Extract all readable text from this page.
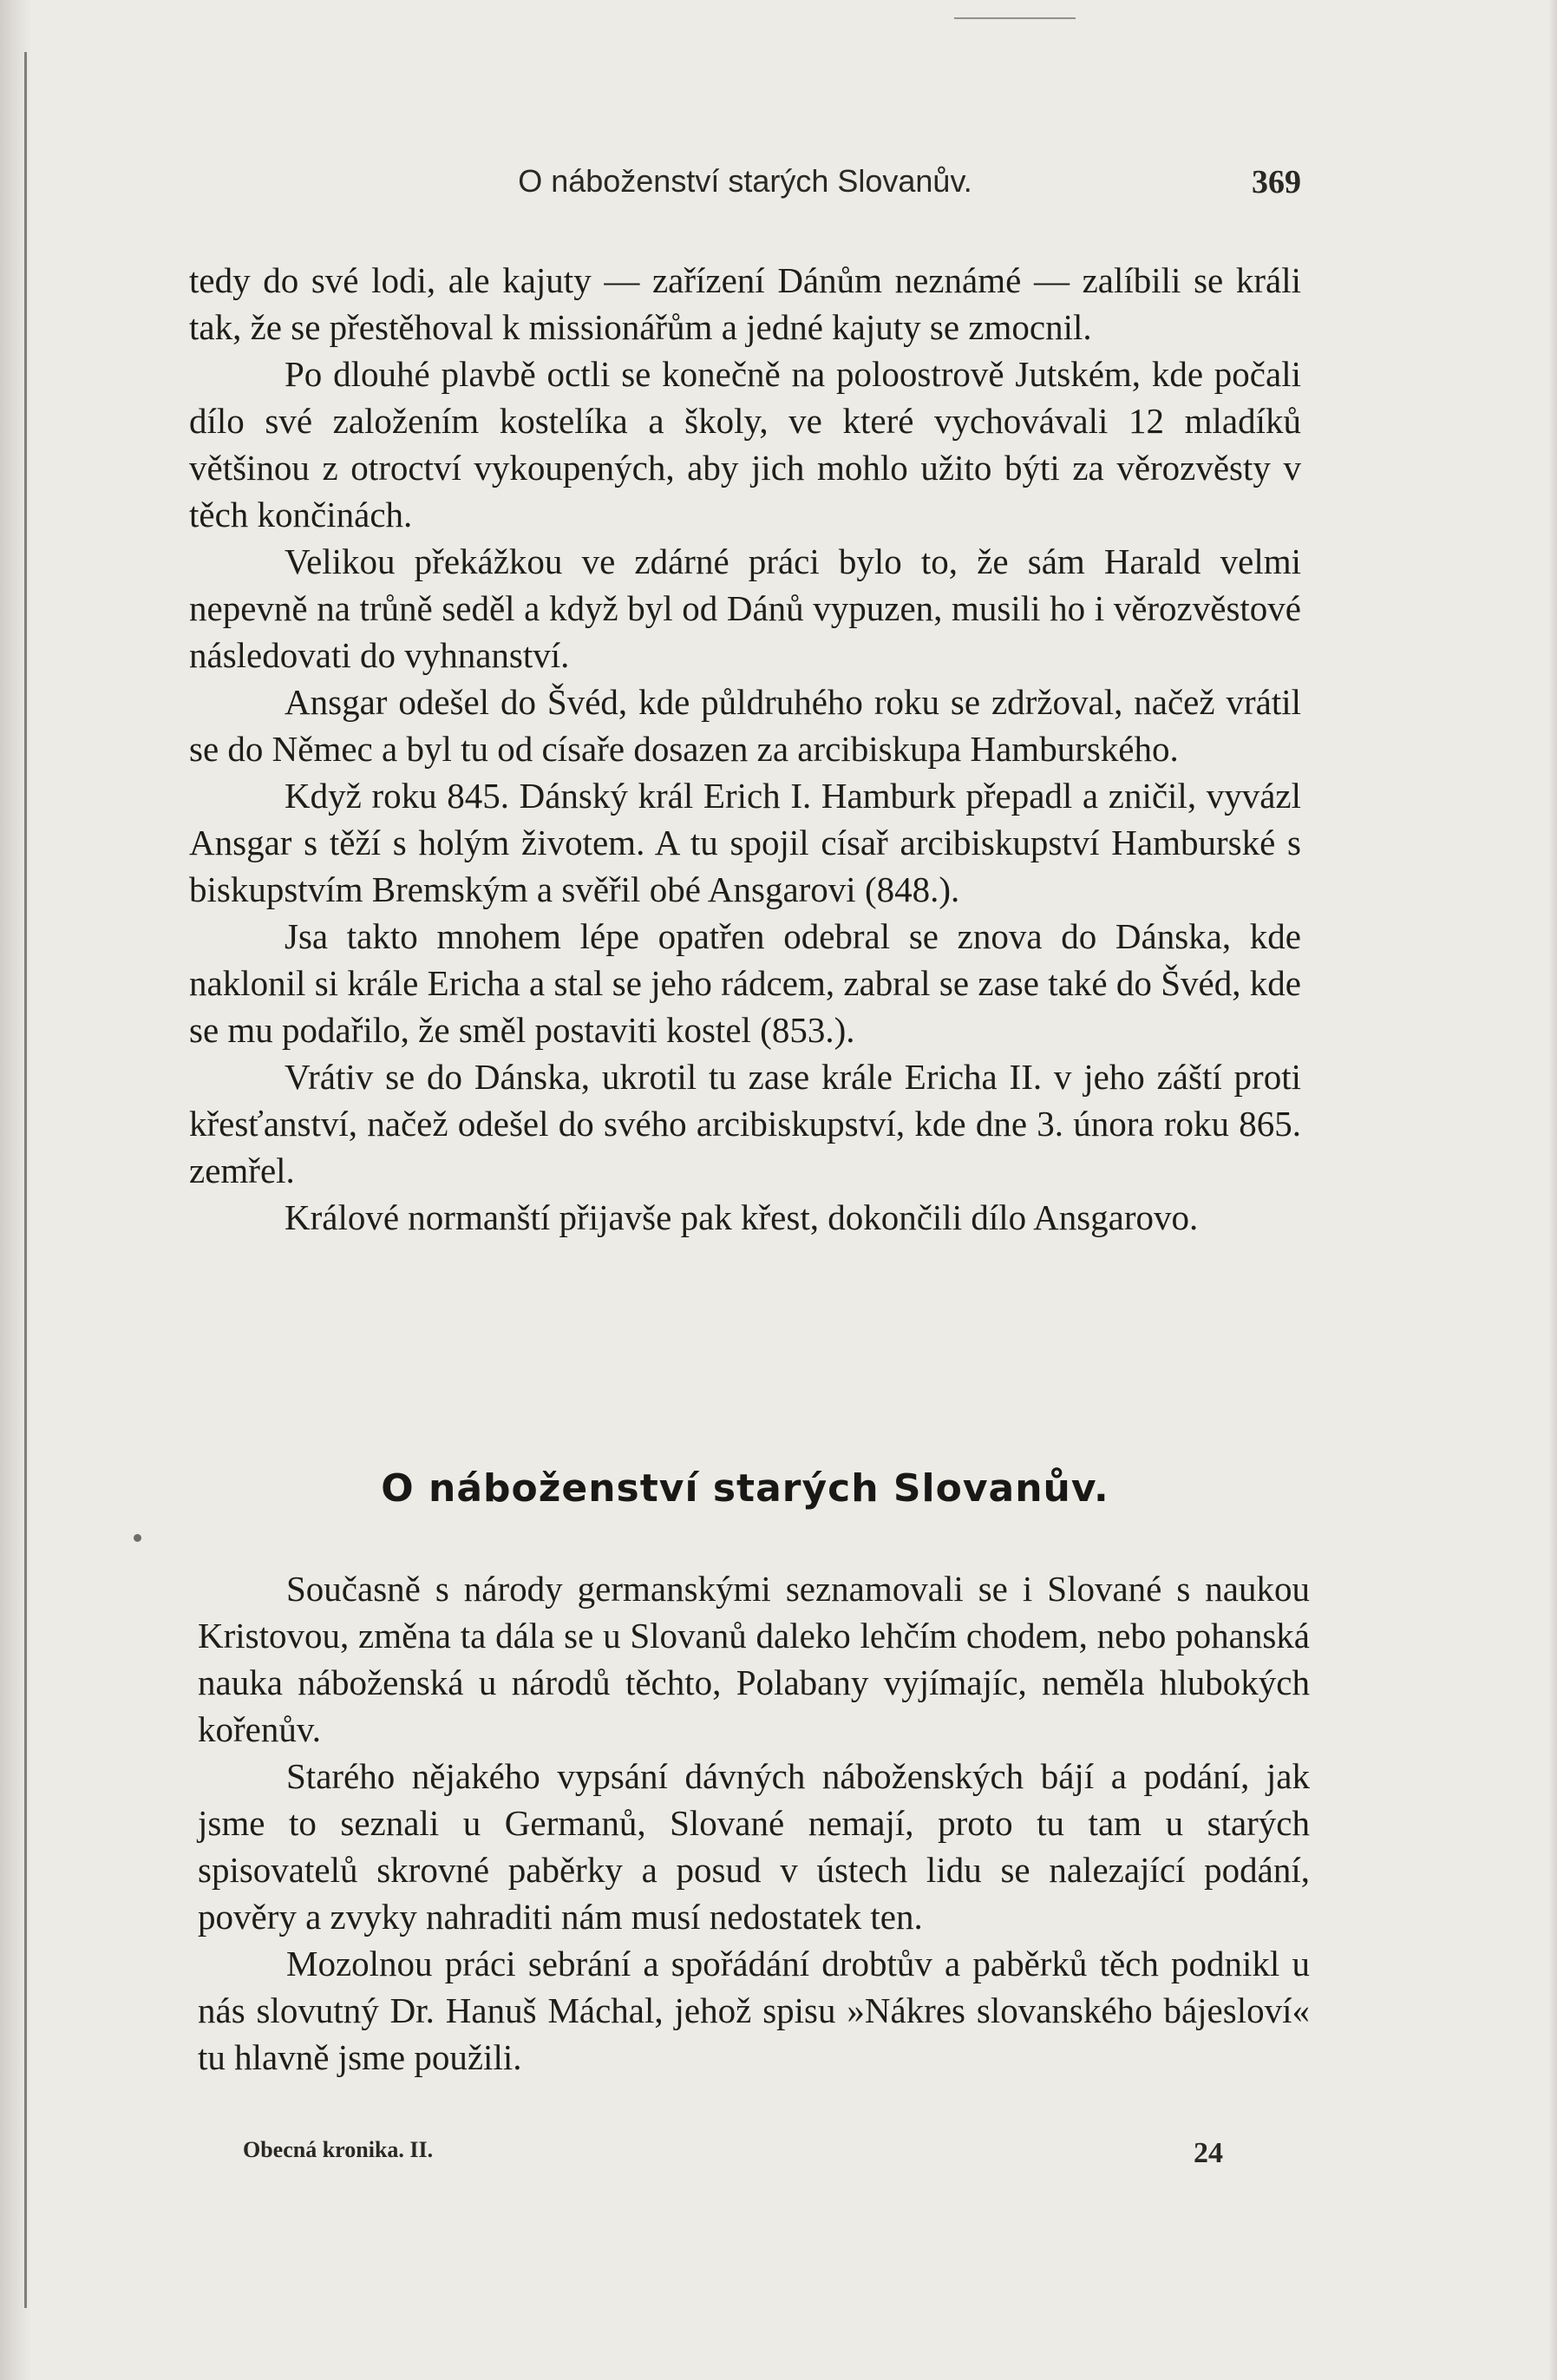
O náboženství starých Slovanův.	369

tedy do své lodi, ale kajuty — zařízení Dánům neznámé — zalíbili se králi tak, že se přestěhoval k missionářům a jedné kajuty se zmocnil.

Po dlouhé plavbě octli se konečně na poloostrově Jutském, kde počali dílo své založením kostelíka a školy, ve které vychovávali 12 mladíků většinou z otroctví vykoupených, aby jich mohlo užito býti za věrozvěsty v těch končinách.

Velikou překážkou ve zdárné práci bylo to, že sám Harald velmi nepevně na trůně seděl a když byl od Dánů vypuzen, musili ho i věrozvěstové následovati do vyhnanství.

Ansgar odešel do Švéd, kde půldruhého roku se zdržoval, načež vrátil se do Němec a byl tu od císaře dosazen za arcibiskupa Hamburského.

Když roku 845. Dánský král Erich I. Hamburk přepadl a zničil, vyvázl Ansgar s těží s holým životem. A tu spojil císař arcibiskupství Hamburské s biskupstvím Bremským a svěřil obé Ansgarovi (848.).

Jsa takto mnohem lépe opatřen odebral se znova do Dánska, kde naklonil si krále Ericha a stal se jeho rádcem, zabral se zase také do Švéd, kde se mu podařilo, že směl postaviti kostel (853.).

Vrátiv se do Dánska, ukrotil tu zase krále Ericha II. v jeho záští proti křesťanství, načež odešel do svého arcibiskupství, kde dne 3. února roku 865. zemřel.

Králové normanští přijavše pak křest, dokončili dílo Ansgarovo.

O náboženství starých Slovanův.

Současně s národy germanskými seznamovali se i Slované s naukou Kristovou, změna ta dála se u Slovanů daleko lehčím chodem, nebo pohanská nauka náboženská u národů těchto, Polabany vyjímajíc, neměla hlubokých kořenův.

Starého nějakého vypsání dávných náboženských bájí a podání, jak jsme to seznali u Germanů, Slované nemají, proto tu tam u starých spisovatelů skrovné paběrky a posud v ústech lidu se nalezající podání, pověry a zvyky nahraditi nám musí nedostatek ten.

Mozolnou práci sebrání a spořádání drobtův a paběrků těch podnikl u nás slovutný Dr. Hanuš Máchal, jehož spisu »Nákres slovanského bájesloví« tu hlavně jsme použili.

Obecná kronika. II.	24
